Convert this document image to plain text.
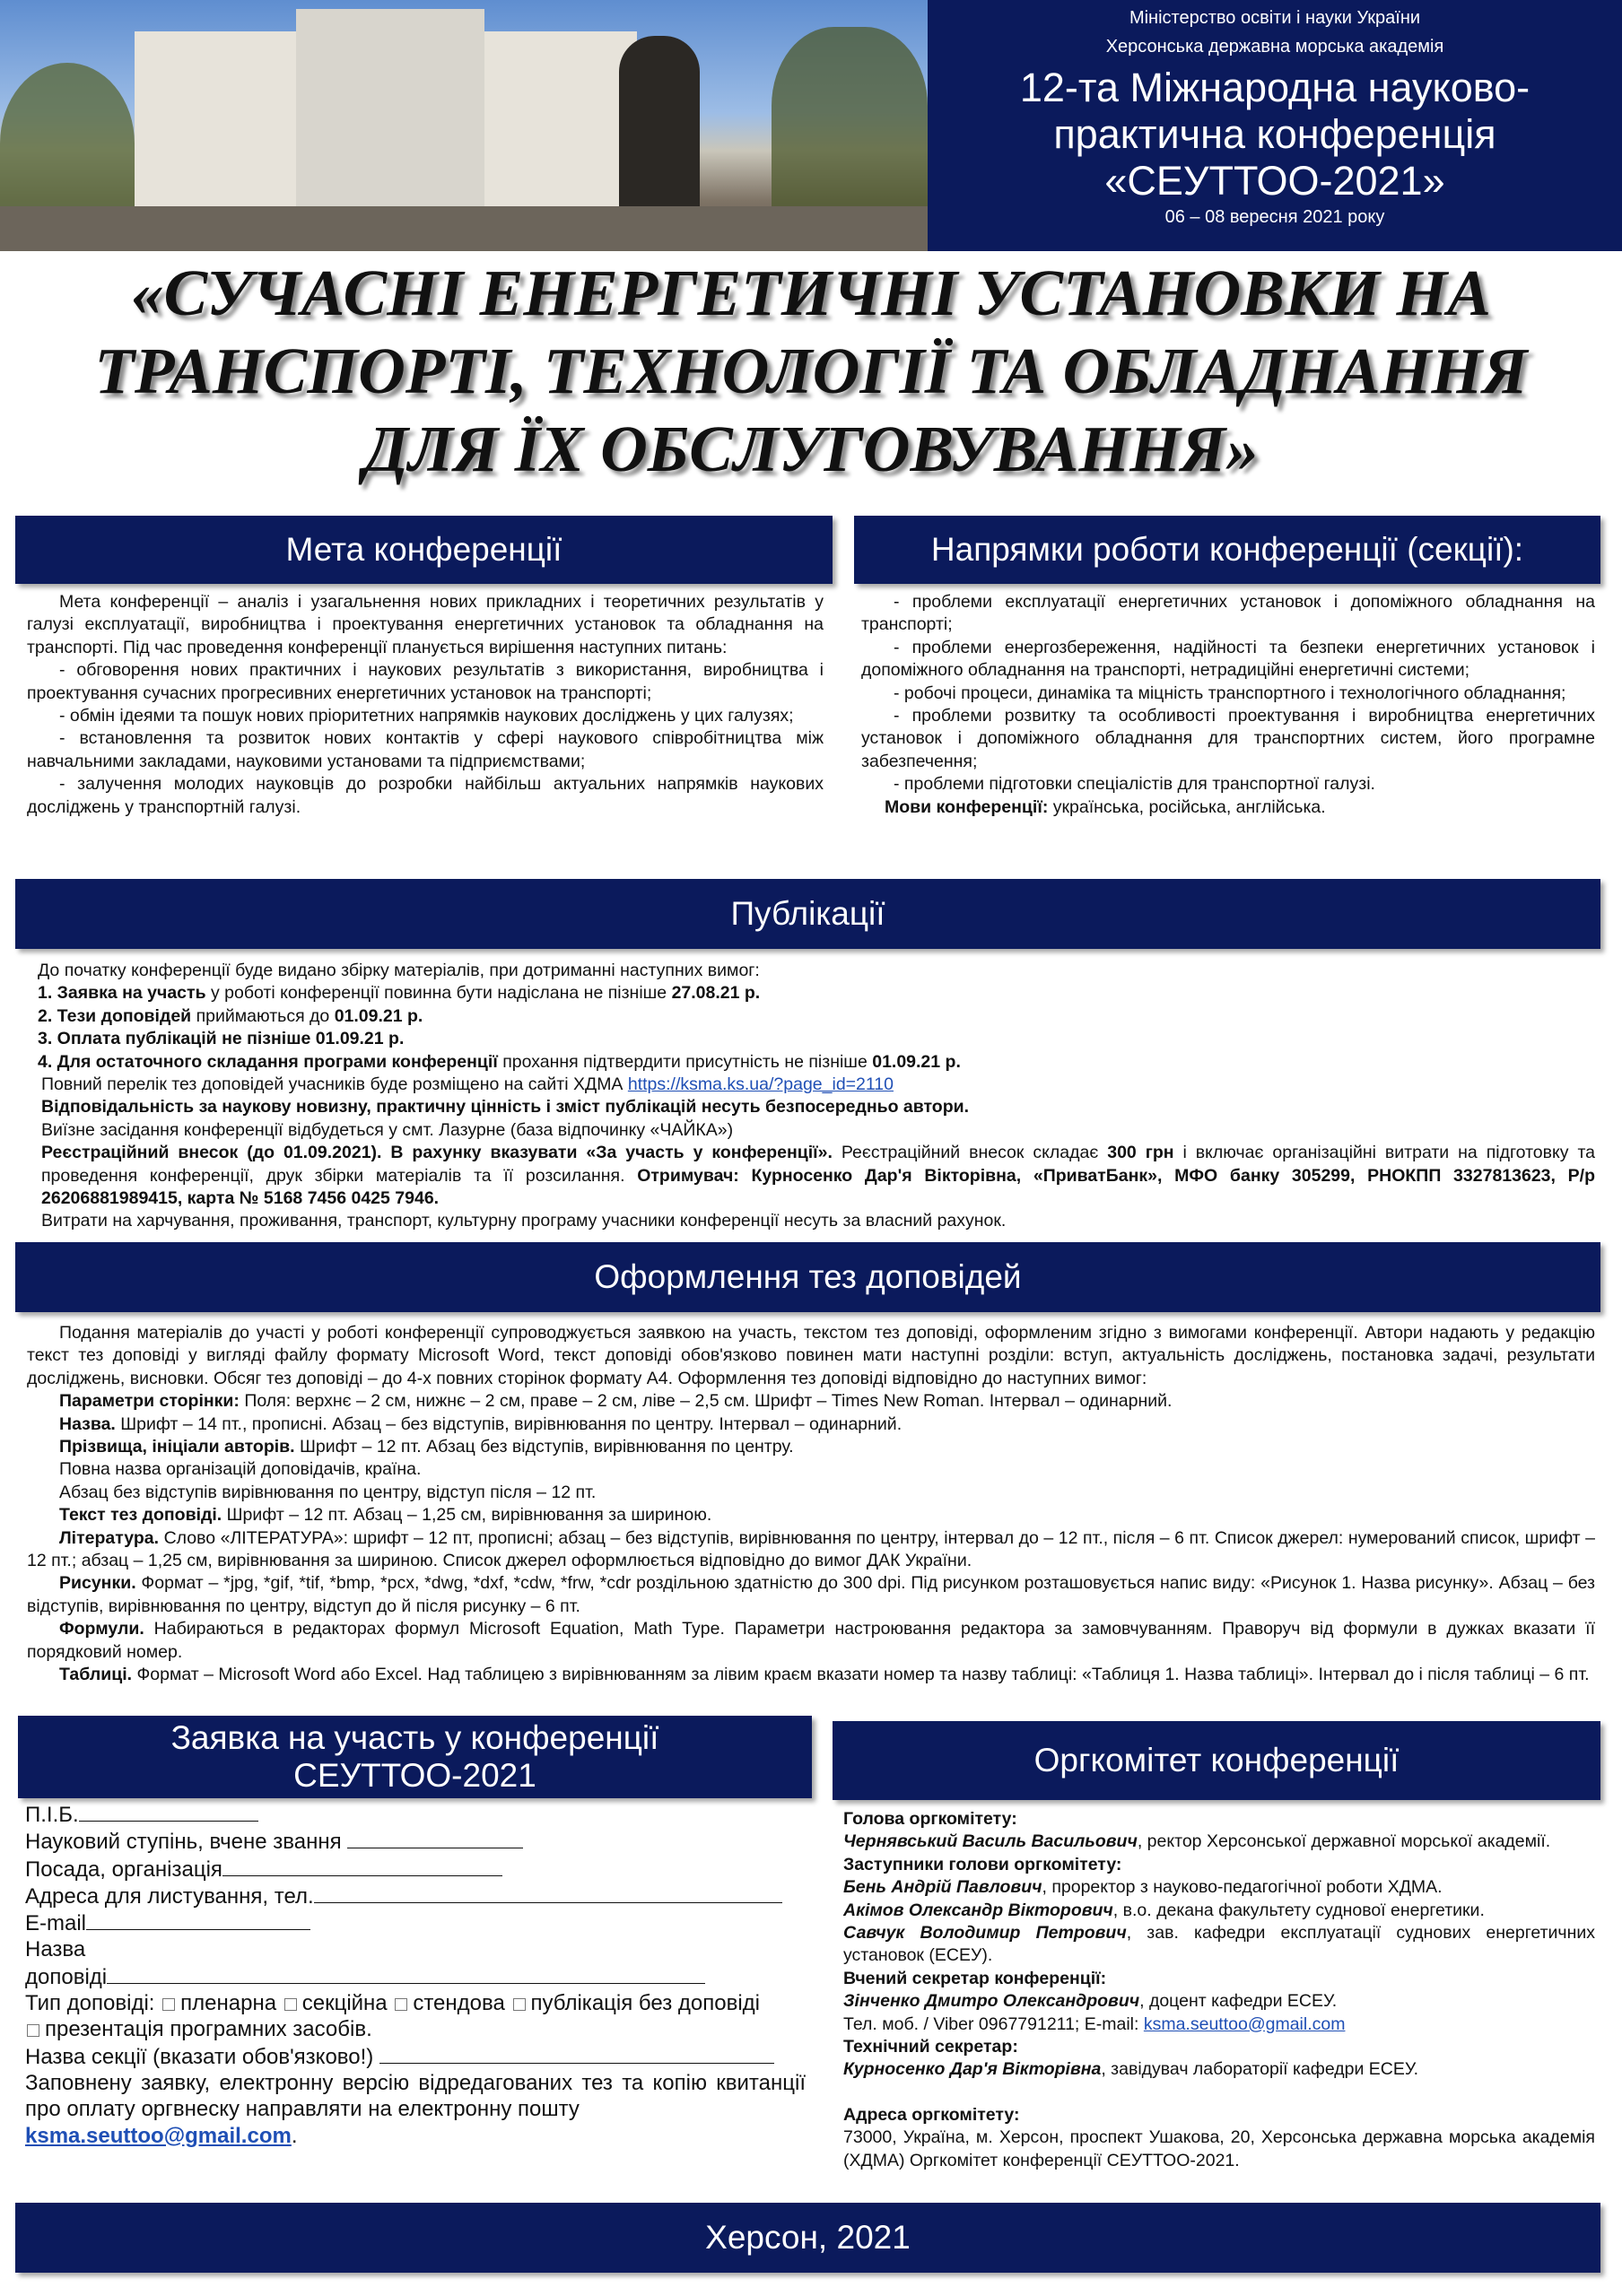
Міністерство освіти і науки України
Херсонська державна морська академія
12-та Міжнародна науково-
практична конференція
«СЕУТТОО-2021»
06 – 08 вересня 2021 року
«СУЧАСНІ ЕНЕРГЕТИЧНІ УСТАНОВКИ НА
ТРАНСПОРТІ, ТЕХНОЛОГІЇ ТА ОБЛАДНАННЯ
ДЛЯ ЇХ ОБСЛУГОВУВАННЯ»
Мета конференції

Мета конференції – аналіз і узагальнення нових прикладних і теоретичних результатів у галузі експлуатації, виробництва і проектування енергетичних установок та обладнання на транспорті. Під час проведення конференції планується вирішення наступних питань:

- обговорення нових практичних і наукових результатів з використання, виробництва і проектування сучасних прогресивних енергетичних установок на транспорті;

- обмін ідеями та пошук нових пріоритетних напрямків наукових досліджень у цих галузях;

- встановлення та розвиток нових контактів у сфері наукового співробітництва між навчальними закладами, науковими установами та підприємствами;

- залучення молодих науковців до розробки найбільш актуальних напрямків наукових досліджень у транспортній галузі.

Напрямки роботи конференції (секції):

- проблеми експлуатації енергетичних установок і допоміжного обладнання на транспорті;

- проблеми енергозбереження, надійності та безпеки енергетичних установок і допоміжного обладнання на транспорті, нетрадиційні енергетичні системи;

- робочі процеси, динаміка та міцність транспортного і технологічного обладнання;

- проблеми розвитку та особливості проектування і виробництва енергетичних установок і допоміжного обладнання для транспортних систем, його програмне забезпечення;

- проблеми підготовки спеціалістів для транспортної галузі.

Мови конференції: українська, російська, англійська.

Публікації

До початку конференції буде видано збірку матеріалів, при дотриманні наступних вимог:

1. Заявка на участь у роботі конференції повинна бути надіслана не пізніше 27.08.21 р.

2. Тези доповідей приймаються до 01.09.21 р.

3. Оплата публікацій не пізніше 01.09.21 р.

4. Для остаточного складання програми конференції прохання підтвердити присутність не пізніше 01.09.21 р.

Повний перелік тез доповідей учасників буде розміщено на сайті ХДМА https://ksma.ks.ua/?page_id=2110

Відповідальність за наукову новизну, практичну цінність і зміст публікацій несуть безпосередньо автори.

Виїзне засідання конференції відбудеться у смт. Лазурне (база відпочинку «ЧАЙКА»)

Реєстраційний внесок (до 01.09.2021). В рахунку вказувати «За участь у конференції». Реєстраційний внесок складає 300 грн і включає організаційні витрати на підготовку та проведення конференції, друк збірки матеріалів та її розсилання. Отримувач: Курносенко Дар'я Вікторівна, «ПриватБанк», МФО банку 305299, РНОКПП 3327813623, Р/р 26206881989415, карта № 5168 7456 0425 7946.

Витрати на харчування, проживання, транспорт, культурну програму учасники конференції несуть за власний рахунок.

Оформлення тез доповідей

Подання матеріалів до участі у роботі конференції супроводжується заявкою на участь, текстом тез доповіді, оформленим згідно з вимогами конференції. Автори надають у редакцію текст тез доповіді у вигляді файлу формату Microsoft Word, текст доповіді обов'язково повинен мати наступні розділи: вступ, актуальність досліджень, постановка задачі, результати досліджень, висновки. Обсяг тез доповіді – до 4-х повних сторінок формату А4. Оформлення тез доповіді відповідно до наступних вимог:

Параметри сторінки: Поля: верхнє – 2 см, нижнє – 2 см, праве – 2 см, ліве – 2,5 см. Шрифт – Times New Roman. Інтервал – одинарний.

Назва. Шрифт – 14 пт., прописні. Абзац – без відступів, вирівнювання по центру. Інтервал – одинарний.

Прізвища, ініціали авторів. Шрифт – 12 пт. Абзац без відступів, вирівнювання по центру.

Повна назва організацій доповідачів, країна.

Абзац без відступів вирівнювання по центру, відступ після – 12 пт.

Текст тез доповіді. Шрифт – 12 пт. Абзац – 1,25 см, вирівнювання за шириною.

Література. Слово «ЛІТЕРАТУРА»: шрифт – 12 пт, прописні; абзац – без відступів, вирівнювання по центру, інтервал до – 12 пт., після – 6 пт. Список джерел: нумерований список, шрифт – 12 пт.; абзац – 1,25 см, вирівнювання за шириною. Список джерел оформлюється відповідно до вимог ДАК України.

Рисунки. Формат – *jpg, *gif, *tif, *bmp, *pcx, *dwg, *dxf, *cdw, *frw, *cdr роздільною здатністю до 300 dpi. Під рисунком розташовується напис виду: «Рисунок 1. Назва рисунку». Абзац – без відступів, вирівнювання по центру, відступ до й після рисунку – 6 пт.

Формули. Набираються в редакторах формул Microsoft Equation, Math Type. Параметри настроювання редактора за замовчуванням. Праворуч від формули в дужках вказати її порядковий номер.

Таблиці. Формат – Microsoft Word або Excel. Над таблицею з вирівнюванням за лівим краєм вказати номер та назву таблиці: «Таблиця 1. Назва таблиці». Інтервал до і після таблиці – 6 пт.

Заявка на участь у конференції
СЕУТТОО-2021

П.І.Б.

Науковий ступінь, вчене звання

Посада, організація

Адреса для листування, тел.

E-mail

Назва

доповіді

Тип доповіді: пленарна секційна стендова публікація без доповіді

презентація програмних засобів.

Назва секції (вказати обов'язково!)

Заповнену заявку, електронну версію відредагованих тез та копію квитанції про оплату оргвнеску направляти на електронну пошту
ksma.seuttoo@gmail.com.

Оргкомітет конференції

Голова оргкомітету:

Чернявський Василь Васильович, ректор Херсонської державної морської академії.

Заступники голови оргкомітету:

Бень Андрій Павлович, проректор з науково-педагогічної роботи ХДМА.

Акімов Олександр Вікторович, в.о. декана факультету суднової енергетики.

Савчук Володимир Петрович, зав. кафедри експлуатації суднових енергетичних установок (ЕСЕУ).

Вчений секретар конференції:

Зінченко Дмитро Олександрович, доцент кафедри ЕСЕУ.

Тел. моб. / Viber 0967791211; E-mail: ksma.seuttoo@gmail.com

Технічний секретар:

Курносенко Дар'я Вікторівна, завідувач лабораторії кафедри ЕСЕУ.

Адреса оргкомітету:

73000, Україна, м. Херсон, проспект Ушакова, 20, Херсонська державна морська академія (ХДМА) Оргкомітет конференції СЕУТТОО-2021.

Херсон, 2021
